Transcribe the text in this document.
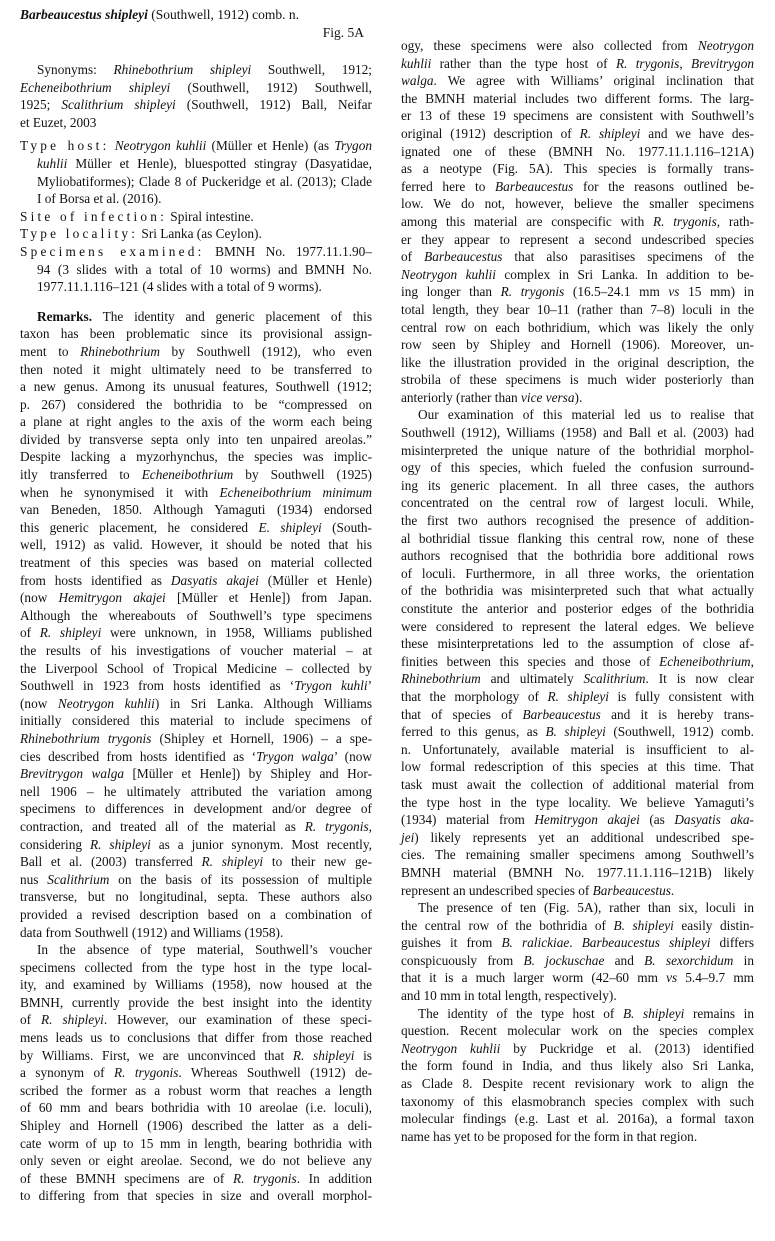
Barbeaucestus shipleyi (Southwell, 1912) comb. n.
Fig. 5A
Synonyms: Rhinebothrium shipleyi Southwell, 1912;
Echeneibothrium shipleyi (Southwell, 1912) Southwell,
1925; Scalithrium shipleyi (Southwell, 1912) Ball, Neifar
et Euzet, 2003
Type host: Neotrygon kuhlii (Müller et Henle) (as Trygon
kuhlii Müller et Henle), bluespotted stingray (Dasyatidae,
Myliobatiformes); Clade 8 of Puckeridge et al. (2013); Clade
I of Borsa et al. (2016).
Site of infection: Spiral intestine.
Type locality: Sri Lanka (as Ceylon).
Specimens examined: BMNH No. 1977.11.1.90–
94 (3 slides with a total of 10 worms) and BMNH No.
1977.11.1.116–121 (4 slides with a total of 9 worms).
Remarks. The identity and generic placement of this
taxon has been problematic since its provisional assign-
ment to Rhinebothrium by Southwell (1912), who even
then noted it might ultimately need to be transferred to
a new genus. Among its unusual features, Southwell (1912;
p. 267) considered the bothridia to be “compressed on
a plane at right angles to the axis of the worm each being
divided by transverse septa only into ten unpaired areolas.”
Despite lacking a myzorhynchus, the species was implic-
itly transferred to Echeneibothrium by Southwell (1925)
when he synonymised it with Echeneibothrium minimum
van Beneden, 1850. Although Yamaguti (1934) endorsed
this generic placement, he considered E. shipleyi (South-
well, 1912) as valid. However, it should be noted that his
treatment of this species was based on material collected
from hosts identified as Dasyatis akajei (Müller et Henle)
(now Hemitrygon akajei [Müller et Henle]) from Japan.
Although the whereabouts of Southwell’s type specimens
of R. shipleyi were unknown, in 1958, Williams published
the results of his investigations of voucher material – at
the Liverpool School of Tropical Medicine – collected by
Southwell in 1923 from hosts identified as ‘Trygon kuhli’
(now Neotrygon kuhlii) in Sri Lanka. Although Williams
initially considered this material to include specimens of
Rhinebothrium trygonis (Shipley et Hornell, 1906) – a spe-
cies described from hosts identified as ‘Trygon walga’ (now
Brevitrygon walga [Müller et Henle]) by Shipley and Hor-
nell 1906 – he ultimately attributed the variation among
specimens to differences in development and/or degree of
contraction, and treated all of the material as R. trygonis,
considering R. shipleyi as a junior synonym. Most recently,
Ball et al. (2003) transferred R. shipleyi to their new ge-
nus Scalithrium on the basis of its possession of multiple
transverse, but no longitudinal, septa. These authors also
provided a revised description based on a combination of
data from Southwell (1912) and Williams (1958).
In the absence of type material, Southwell’s voucher
specimens collected from the type host in the type local-
ity, and examined by Williams (1958), now housed at the
BMNH, currently provide the best insight into the identity
of R. shipleyi. However, our examination of these speci-
mens leads us to conclusions that differ from those reached
by Williams. First, we are unconvinced that R. shipleyi is
a synonym of R. trygonis. Whereas Southwell (1912) de-
scribed the former as a robust worm that reaches a length
of 60 mm and bears bothridia with 10 areolae (i.e. loculi),
Shipley and Hornell (1906) described the latter as a deli-
cate worm of up to 15 mm in length, bearing bothridia with
only seven or eight areolae. Second, we do not believe any
of these BMNH specimens are of R. trygonis. In addition
to differing from that species in size and overall morphol-
ogy, these specimens were also collected from Neotrygon
kuhlii rather than the type host of R. trygonis, Brevitrygon
walga. We agree with Williams’ original inclination that
the BMNH material includes two different forms. The larg-
er 13 of these 19 specimens are consistent with Southwell’s
original (1912) description of R. shipleyi and we have des-
ignated one of these (BMNH No. 1977.11.1.116–121A)
as a neotype (Fig. 5A). This species is formally trans-
ferred here to Barbeaucestus for the reasons outlined be-
low. We do not, however, believe the smaller specimens
among this material are conspecific with R. trygonis, rath-
er they appear to represent a second undescribed species
of Barbeaucestus that also parasitises specimens of the
Neotrygon kuhlii complex in Sri Lanka. In addition to be-
ing longer than R. trygonis (16.5–24.1 mm vs 15 mm) in
total length, they bear 10–11 (rather than 7–8) loculi in the
central row on each bothridium, which was likely the only
row seen by Shipley and Hornell (1906). Moreover, un-
like the illustration provided in the original description, the
strobila of these specimens is much wider posteriorly than
anteriorly (rather than vice versa).
Our examination of this material led us to realise that
Southwell (1912), Williams (1958) and Ball et al. (2003) had
misinterpreted the unique nature of the bothridial morphol-
ogy of this species, which fueled the confusion surround-
ing its generic placement. In all three cases, the authors
concentrated on the central row of largest loculi. While,
the first two authors recognised the presence of addition-
al bothridial tissue flanking this central row, none of these
authors recognised that the bothridia bore additional rows
of loculi. Furthermore, in all three works, the orientation
of the bothridia was misinterpreted such that what actually
constitute the anterior and posterior edges of the bothridia
were considered to represent the lateral edges. We believe
these misinterpretations led to the assumption of close af-
finities between this species and those of Echeneibothrium,
Rhinebothrium and ultimately Scalithrium. It is now clear
that the morphology of R. shipleyi is fully consistent with
that of species of Barbeaucestus and it is hereby trans-
ferred to this genus, as B. shipleyi (Southwell, 1912) comb.
n. Unfortunately, available material is insufficient to al-
low formal redescription of this species at this time. That
task must await the collection of additional material from
the type host in the type locality. We believe Yamaguti’s
(1934) material from Hemitrygon akajei (as Dasyatis aka-
jei) likely represents yet an additional undescribed spe-
cies. The remaining smaller specimens among Southwell’s
BMNH material (BMNH No. 1977.11.1.116–121B) likely
represent an undescribed species of Barbeaucestus.
The presence of ten (Fig. 5A), rather than six, loculi in
the central row of the bothridia of B. shipleyi easily distin-
guishes it from B. ralickiae. Barbeaucestus shipleyi differs
conspicuously from B. jockuschae and B. sexorchidum in
that it is a much larger worm (42–60 mm vs 5.4–9.7 mm
and 10 mm in total length, respectively).
The identity of the type host of B. shipleyi remains in
question. Recent molecular work on the species complex
Neotrygon kuhlii by Puckridge et al. (2013) identified
the form found in India, and thus likely also Sri Lanka,
as Clade 8. Despite recent revisionary work to align the
taxonomy of this elasmobranch species complex with such
molecular findings (e.g. Last et al. 2016a), a formal taxon
name has yet to be proposed for the form in that region.
